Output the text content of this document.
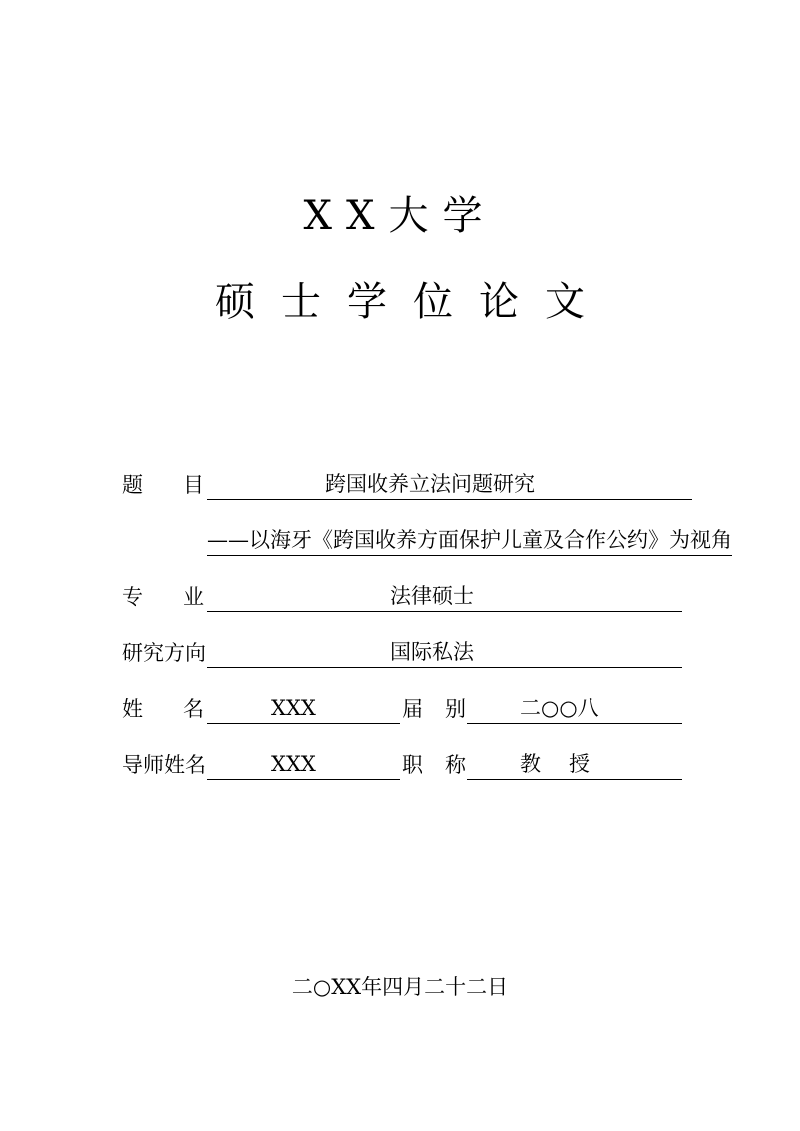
XX大学
硕士学位论文
题目	跨国收养立法问题研究
——以海牙《跨国收养方面保护儿童及合作公约》为视角
专业	法律硕士
研究方向	国际私法
姓名 XXX	届别 二○○八
导师姓名	XXX	职称 教授
二○XX年四月二十二日
